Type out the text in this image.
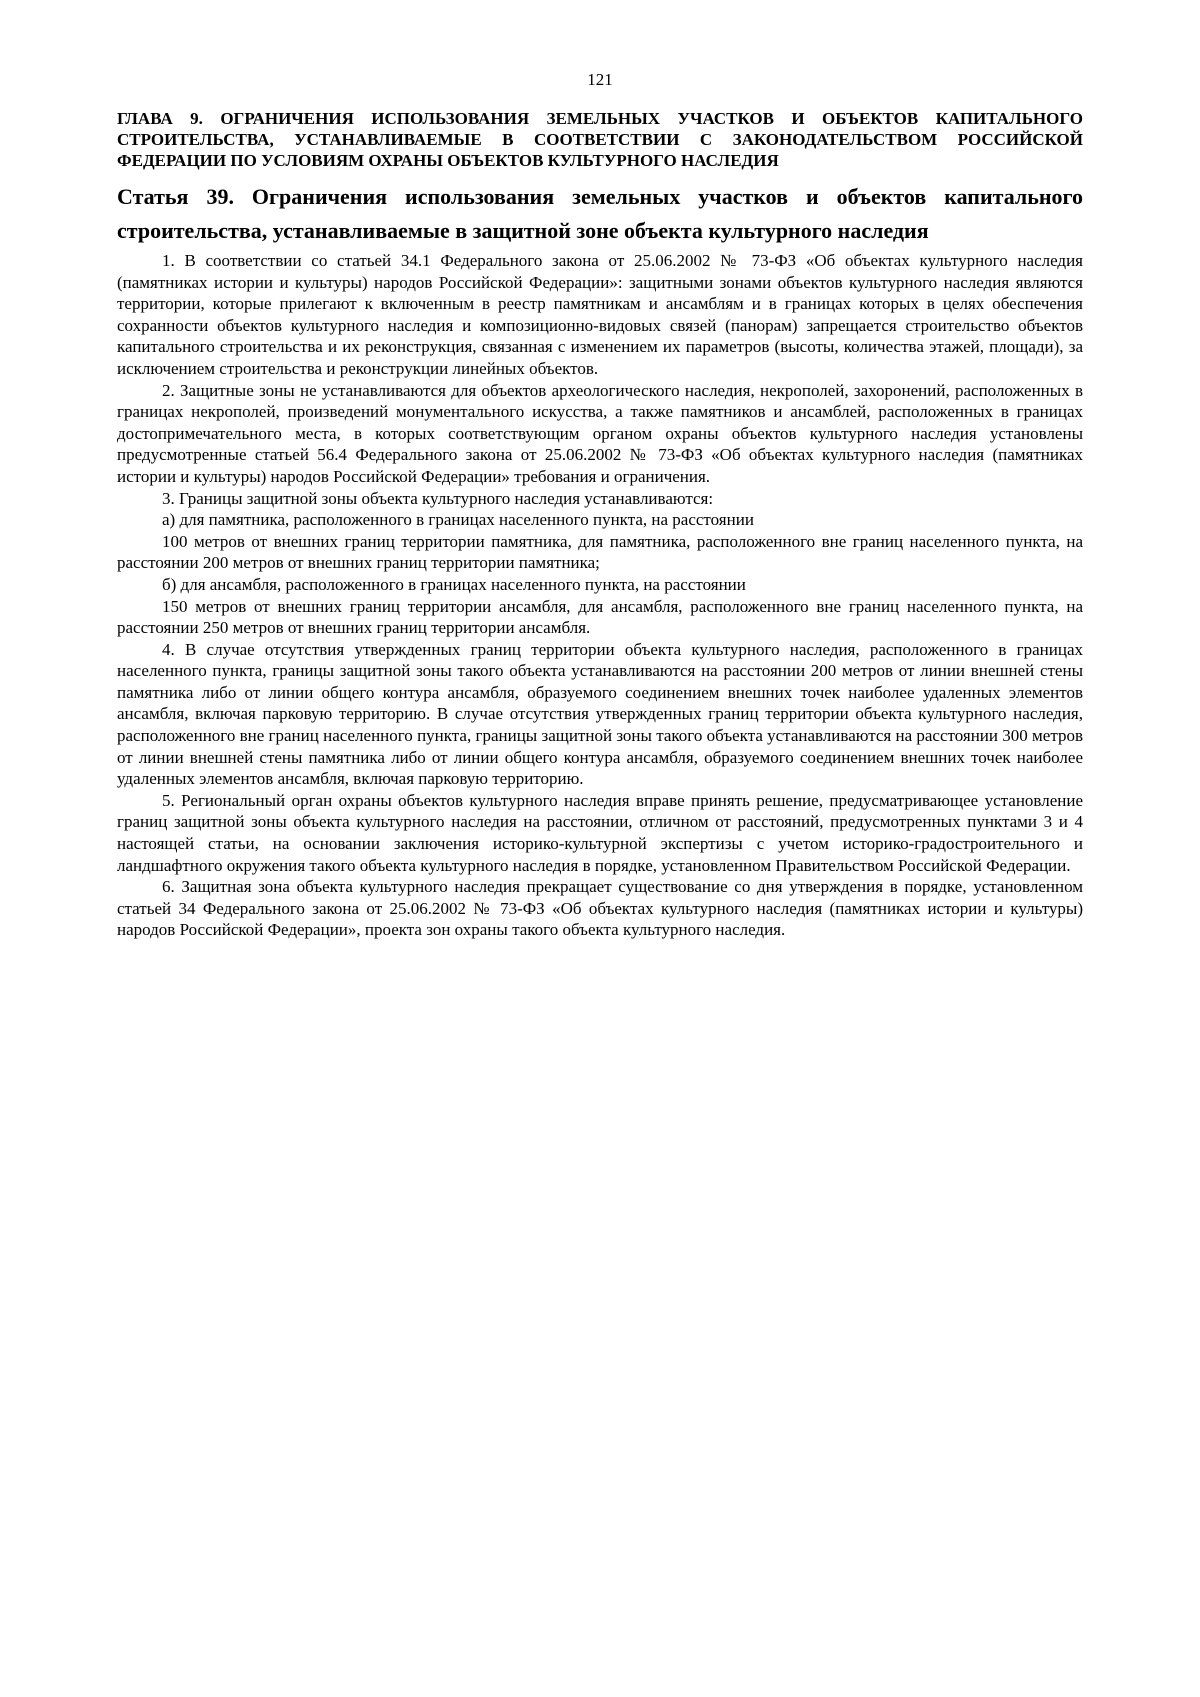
121
ГЛАВА 9. ОГРАНИЧЕНИЯ ИСПОЛЬЗОВАНИЯ ЗЕМЕЛЬНЫХ УЧАСТКОВ И ОБЪЕКТОВ КАПИТАЛЬНОГО СТРОИТЕЛЬСТВА, УСТАНАВЛИВАЕМЫЕ В СООТВЕТСТВИИ С ЗАКОНОДАТЕЛЬСТВОМ РОССИЙСКОЙ ФЕДЕРАЦИИ ПО УСЛОВИЯМ ОХРАНЫ ОБЪЕКТОВ КУЛЬТУРНОГО НАСЛЕДИЯ
Статья 39. Ограничения использования земельных участков и объектов капитального строительства, устанавливаемые в защитной зоне объекта культурного наследия

1. В соответствии со статьей 34.1 Федерального закона от 25.06.2002 № 73-ФЗ «Об объектах культурного наследия (памятниках истории и культуры) народов Российской Федерации»: защитными зонами объектов культурного наследия являются территории, которые прилегают к включенным в реестр памятникам и ансамблям и в границах которых в целях обеспечения сохранности объектов культурного наследия и композиционно-видовых связей (панорам) запрещается строительство объектов капитального строительства и их реконструкция, связанная с изменением их параметров (высоты, количества этажей, площади), за исключением строительства и реконструкции линейных объектов.

2. Защитные зоны не устанавливаются для объектов археологического наследия, некрополей, захоронений, расположенных в границах некрополей, произведений монументального искусства, а также памятников и ансамблей, расположенных в границах достопримечательного места, в которых соответствующим органом охраны объектов культурного наследия установлены предусмотренные статьей 56.4 Федерального закона от 25.06.2002 № 73-ФЗ «Об объектах культурного наследия (памятниках истории и культуры) народов Российской Федерации» требования и ограничения.

3. Границы защитной зоны объекта культурного наследия устанавливаются:

а) для памятника, расположенного в границах населенного пункта, на расстоянии

100 метров от внешних границ территории памятника, для памятника, расположенного вне границ населенного пункта, на расстоянии 200 метров от внешних границ территории памятника;

б) для ансамбля, расположенного в границах населенного пункта, на расстоянии

150 метров от внешних границ территории ансамбля, для ансамбля, расположенного вне границ населенного пункта, на расстоянии 250 метров от внешних границ территории ансамбля.

4. В случае отсутствия утвержденных границ территории объекта культурного наследия, расположенного в границах населенного пункта, границы защитной зоны такого объекта устанавливаются на расстоянии 200 метров от линии внешней стены памятника либо от линии общего контура ансамбля, образуемого соединением внешних точек наиболее удаленных элементов ансамбля, включая парковую территорию. В случае отсутствия утвержденных границ территории объекта культурного наследия, расположенного вне границ населенного пункта, границы защитной зоны такого объекта устанавливаются на расстоянии 300 метров от линии внешней стены памятника либо от линии общего контура ансамбля, образуемого соединением внешних точек наиболее удаленных элементов ансамбля, включая парковую территорию.

5. Региональный орган охраны объектов культурного наследия вправе принять решение, предусматривающее установление границ защитной зоны объекта культурного наследия на расстоянии, отличном от расстояний, предусмотренных пунктами 3 и 4 настоящей статьи, на основании заключения историко-культурной экспертизы с учетом историко-градостроительного и ландшафтного окружения такого объекта культурного наследия в порядке, установленном Правительством Российской Федерации.

6. Защитная зона объекта культурного наследия прекращает существование со дня утверждения в порядке, установленном статьей 34 Федерального закона от 25.06.2002 № 73-ФЗ «Об объектах культурного наследия (памятниках истории и культуры) народов Российской Федерации», проекта зон охраны такого объекта культурного наследия.
